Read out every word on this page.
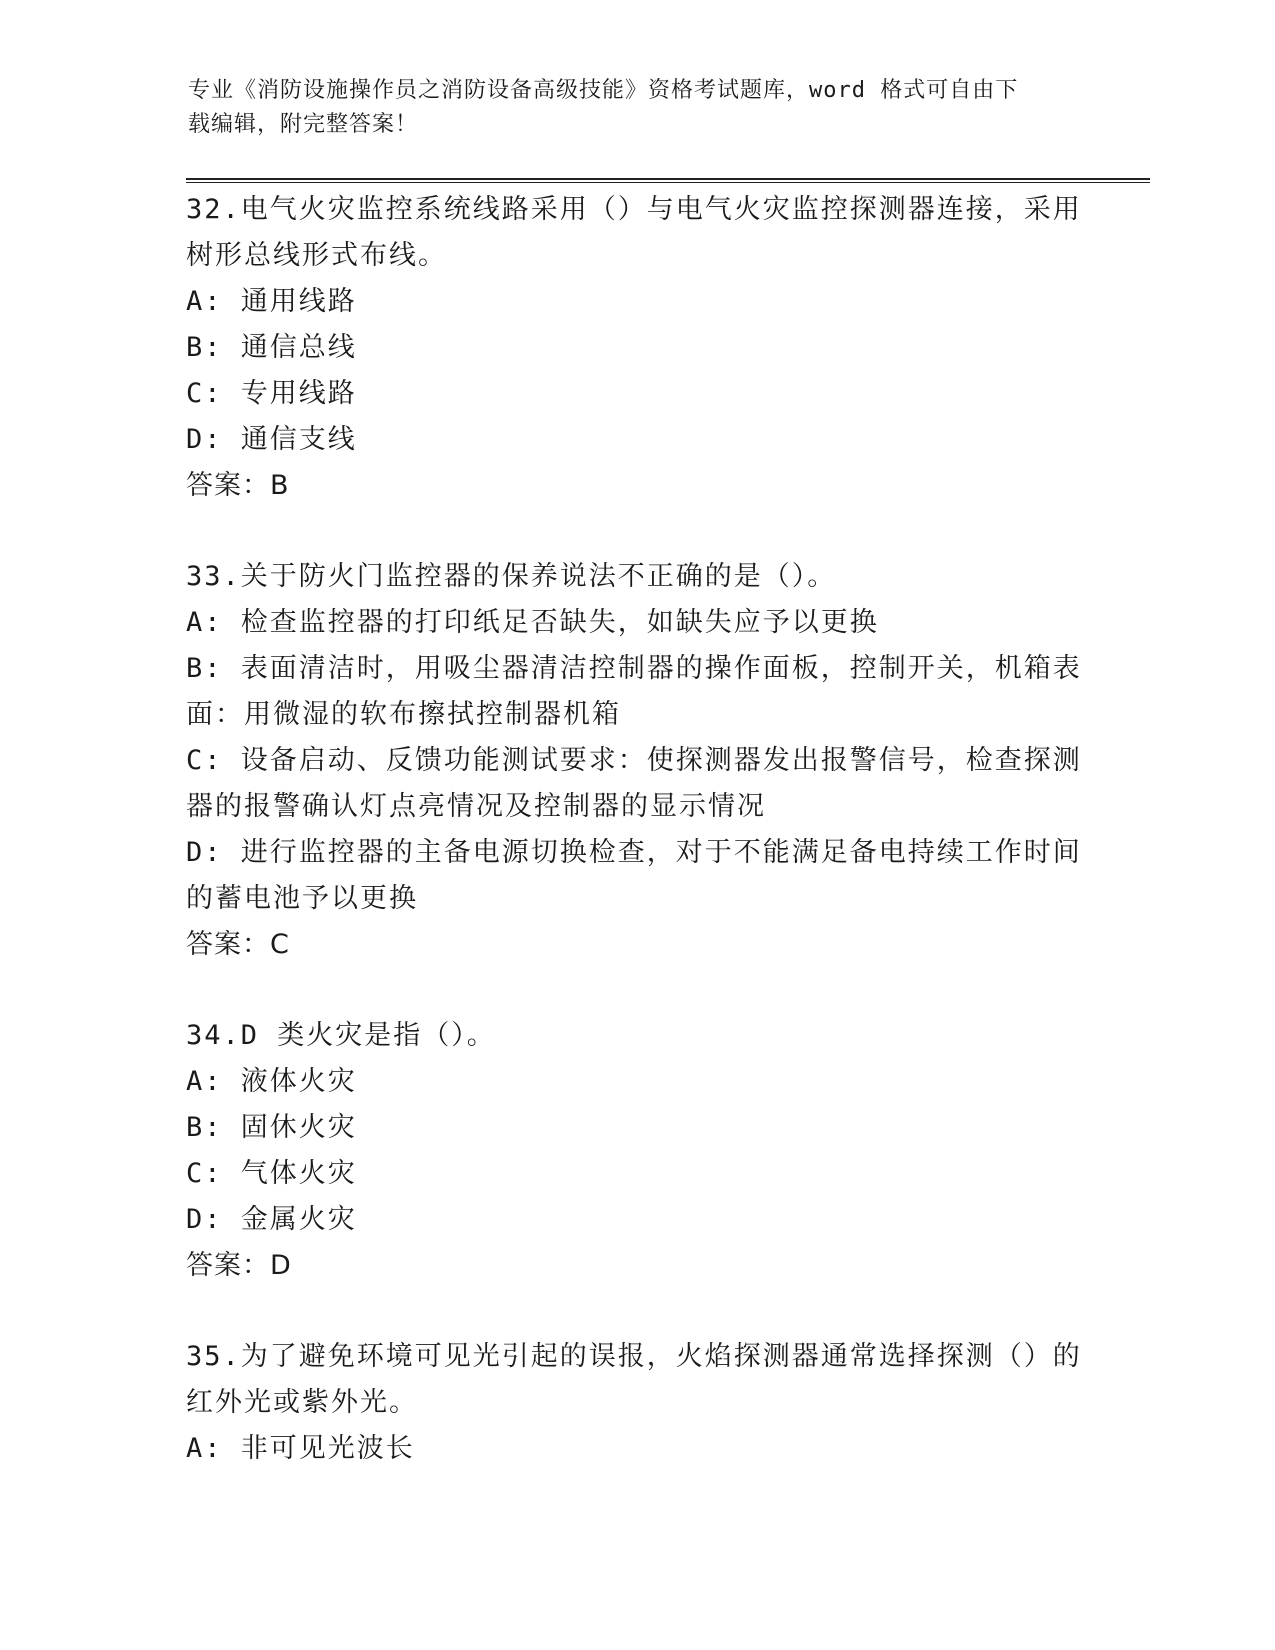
专业《消防设施操作员之消防设备高级技能》资格考试题库，word 格式可自由下
载编辑，附完整答案！
32.电气火灾监控系统线路采用（）与电气火灾监控探测器连接，采用树形总线形式布线。
A: 通用线路
B: 通信总线
C: 专用线路
D: 通信支线
答案：B
33.关于防火门监控器的保养说法不正确的是（）。
A: 检查监控器的打印纸足否缺失，如缺失应予以更换
B: 表面清洁时，用吸尘器清洁控制器的操作面板，控制开关，机箱表面：用微湿的软布擦拭控制器机箱
C: 设备启动、反馈功能测试要求：使探测器发出报警信号，检查探测器的报警确认灯点亮情况及控制器的显示情况
D: 进行监控器的主备电源切换检查，对于不能满足备电持续工作时间的蓄电池予以更换
答案：C
34.D 类火灾是指（）。
A: 液体火灾
B: 固休火灾
C: 气体火灾
D: 金属火灾
答案：D
35.为了避免环境可见光引起的误报，火焰探测器通常选择探测（）的红外光或紫外光。
A: 非可见光波长
